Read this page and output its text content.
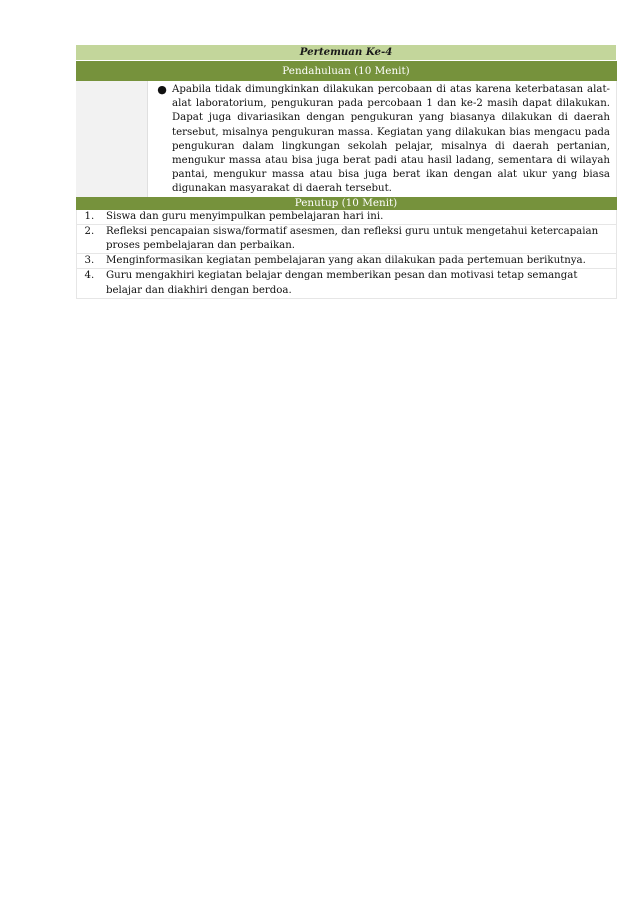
Pertemuan Ke-4
Pendahuluan (10 Menit)

● Apabila tidak dimungkinkan dilakukan percobaan di atas karena keterbatasan alat-alat laboratorium, pengukuran pada percobaan 1 dan ke-2 masih dapat dilakukan. Dapat juga divariasikan dengan pengukuran yang biasanya dilakukan di daerah tersebut, misalnya pengukuran massa. Kegiatan yang dilakukan bias mengacu pada pengukuran dalam lingkungan sekolah pelajar, misalnya di daerah pertanian, mengukur massa atau bisa juga berat padi atau hasil ladang, sementara di wilayah pantai, mengukur massa atau bisa juga berat ikan dengan alat ukur yang biasa digunakan masyarakat di daerah tersebut.

Penutup (10 Menit)

1.	Siswa dan guru menyimpulkan pembelajaran hari ini.
2.	Refleksi pencapaian siswa/formatif asesmen, dan refleksi guru untuk mengetahui ketercapaian proses pembelajaran dan perbaikan.
3.	Menginformasikan kegiatan pembelajaran yang akan dilakukan pada pertemuan berikutnya.
4.	Guru mengakhiri kegiatan belajar dengan memberikan pesan dan motivasi tetap semangat belajar dan diakhiri dengan berdoa.
